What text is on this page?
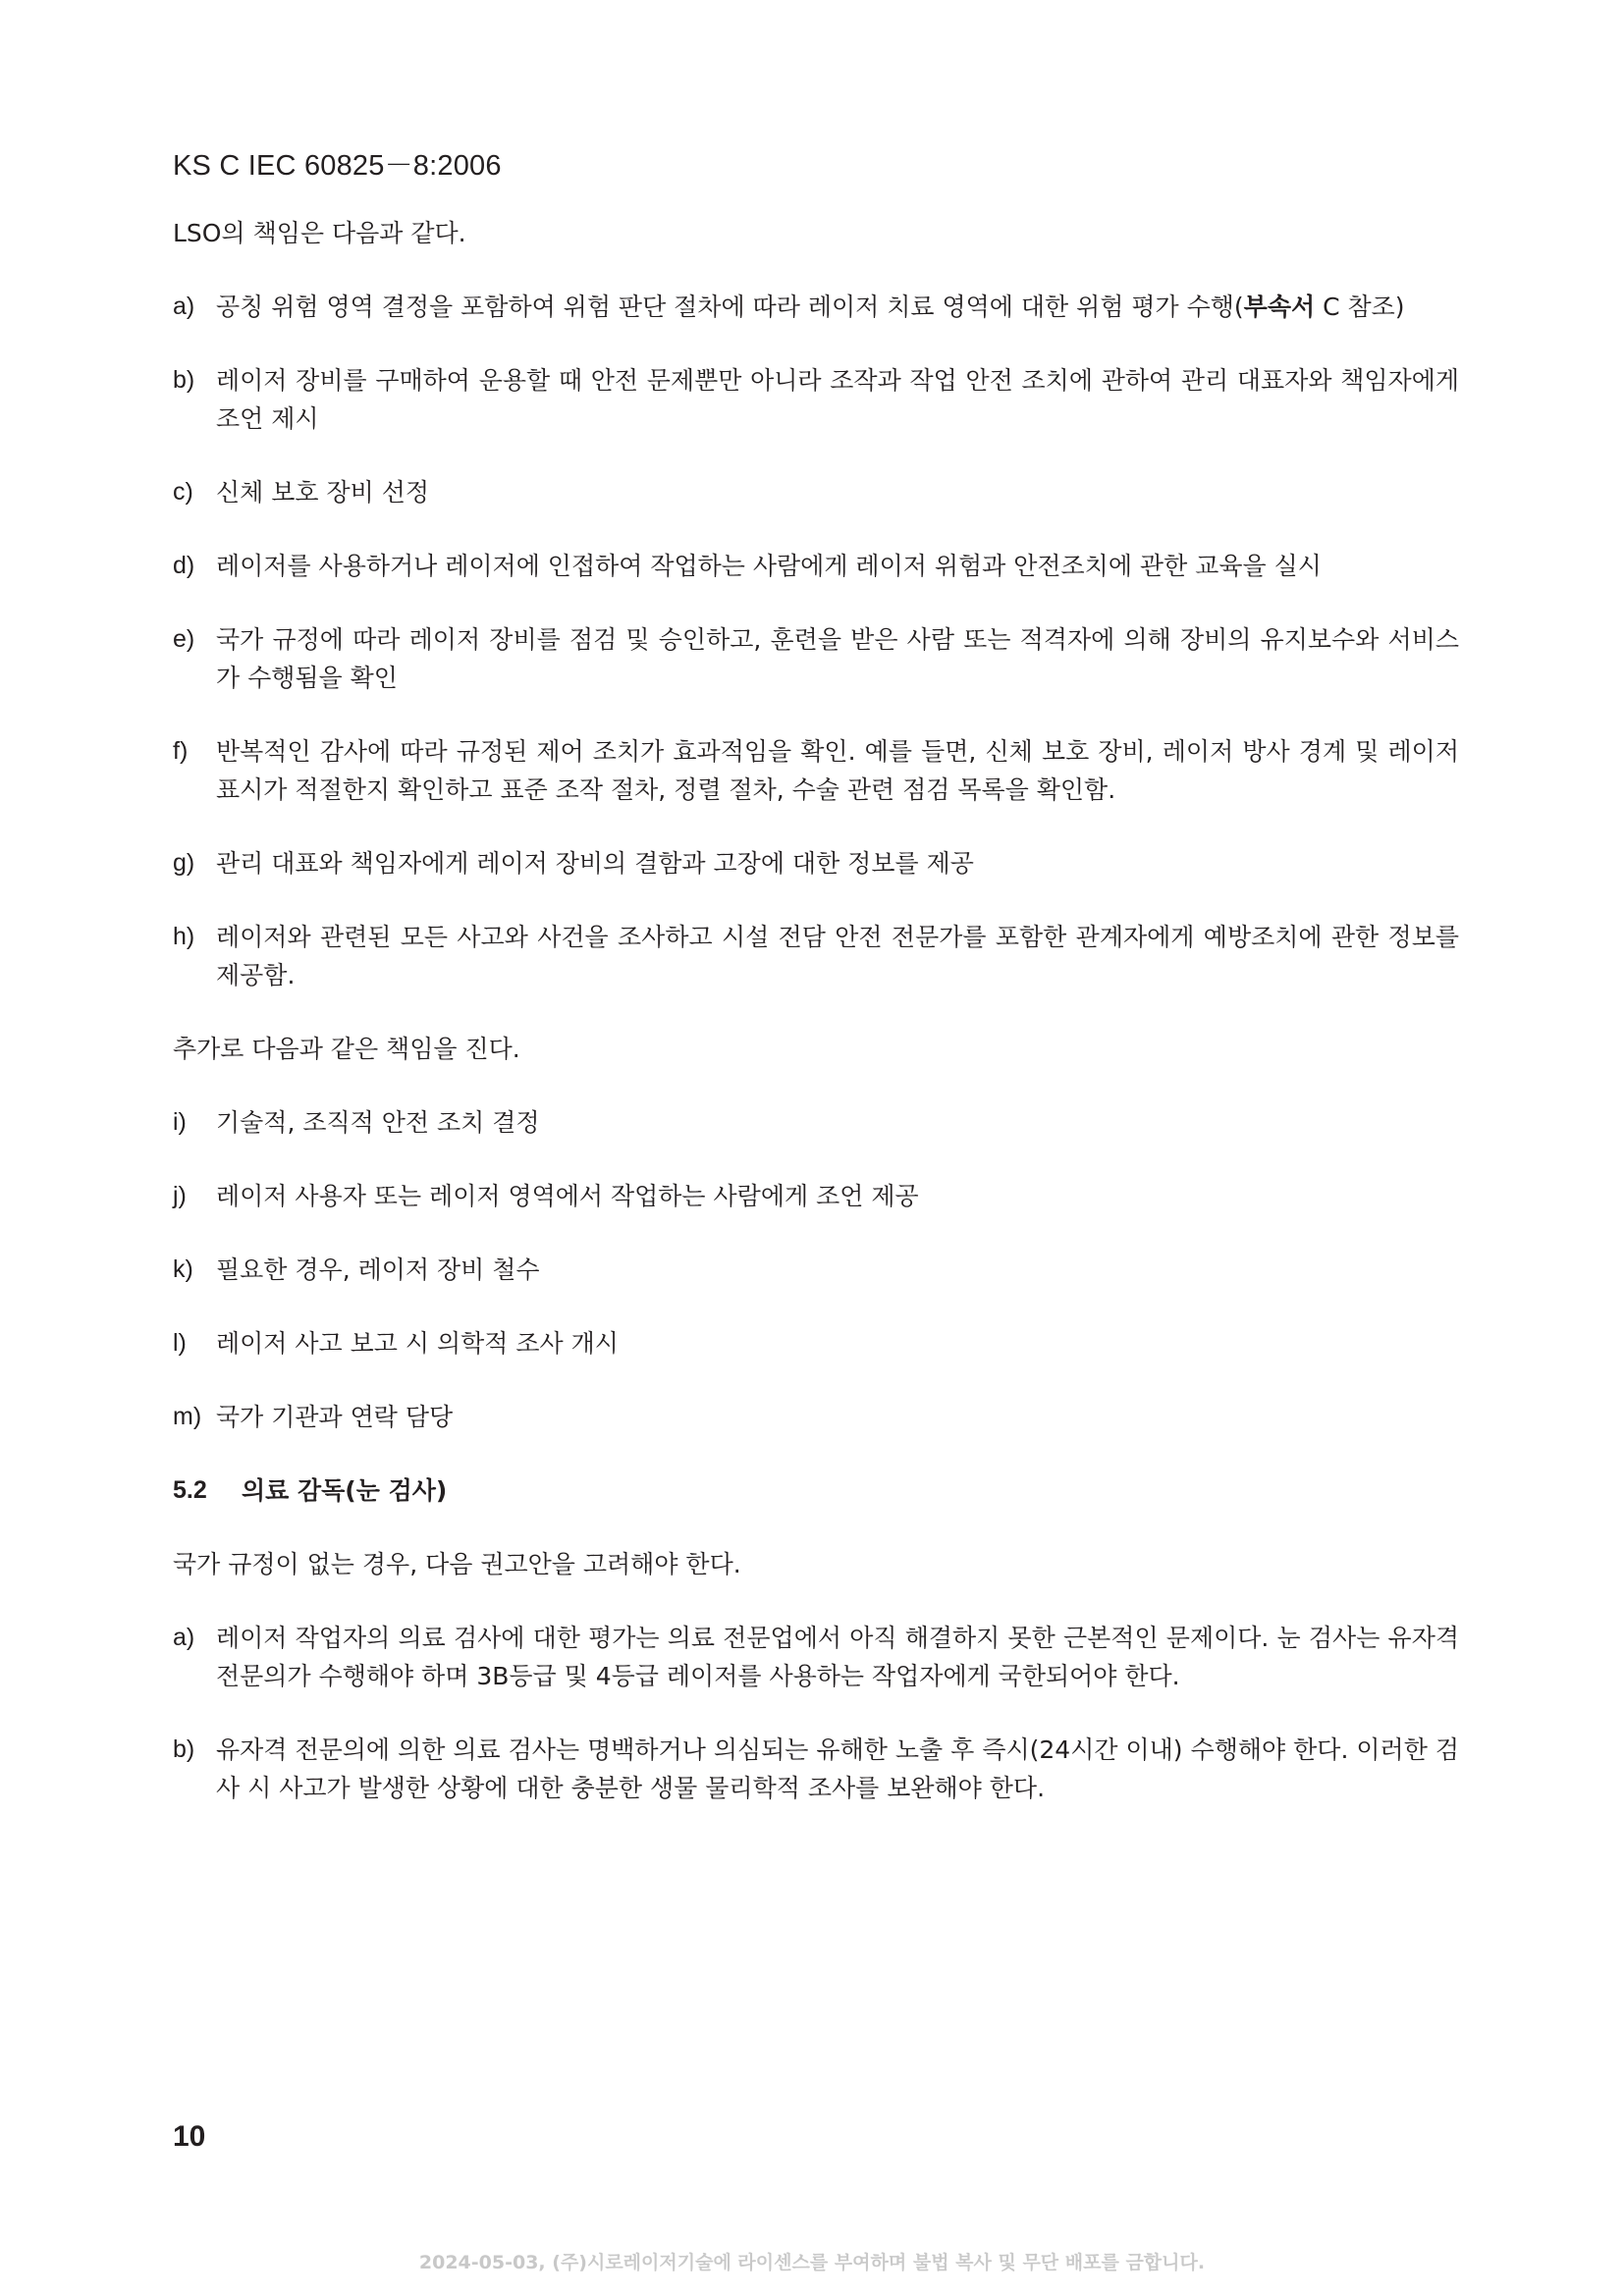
KS C IEC 60825－8:2006

LSO의 책임은 다음과 같다.

a) 공칭 위험 영역 결정을 포함하여 위험 판단 절차에 따라 레이저 치료 영역에 대한 위험 평가 수행(부속서 C 참조)
b) 레이저 장비를 구매하여 운용할 때 안전 문제뿐만 아니라 조작과 작업 안전 조치에 관하여 관리 대표자와 책임자에게 조언 제시
c) 신체 보호 장비 선정
d) 레이저를 사용하거나 레이저에 인접하여 작업하는 사람에게 레이저 위험과 안전조치에 관한 교육을 실시
e) 국가 규정에 따라 레이저 장비를 점검 및 승인하고, 훈련을 받은 사람 또는 적격자에 의해 장비의 유지보수와 서비스가 수행됨을 확인
f)	반복적인 감사에 따라 규정된 제어 조치가 효과적임을 확인. 예를 들면, 신체 보호 장비, 레이저 방사 경계 및 레이저 표시가 적절한지 확인하고 표준 조작 절차, 정렬 절차, 수술 관련 점검 목록을 확인함.
g) 관리 대표와 책임자에게 레이저 장비의 결함과 고장에 대한 정보를 제공
h) 레이저와 관련된 모든 사고와 사건을 조사하고 시설 전담 안전 전문가를 포함한 관계자에게 예방조치에 관한 정보를 제공함.

추가로 다음과 같은 책임을 진다.

i)	기술적, 조직적 안전 조치 결정
j)	레이저 사용자 또는 레이저 영역에서 작업하는 사람에게 조언 제공
k) 필요한 경우, 레이저 장비 철수
l)	레이저 사고 보고 시 의학적 조사 개시
m) 국가 기관과 연락 담당
5.2	의료 감독(눈 검사)

국가 규정이 없는 경우, 다음 권고안을 고려해야 한다.

a) 레이저 작업자의 의료 검사에 대한 평가는 의료 전문업에서 아직 해결하지 못한 근본적인 문제이다. 눈 검사는 유자격 전문의가 수행해야 하며 3B등급 및 4등급 레이저를 사용하는 작업자에게 국한되어야 한다.
b) 유자격 전문의에 의한 의료 검사는 명백하거나 의심되는 유해한 노출 후 즉시(24시간 이내) 수행해야 한다. 이러한 검사 시 사고가 발생한 상황에 대한 충분한 생물 물리학적 조사를 보완해야 한다.
10
2024-05-03, (주)시로레이저기술에 라이센스를 부여하며 불법 복사 및 무단 배포를 금합니다.
